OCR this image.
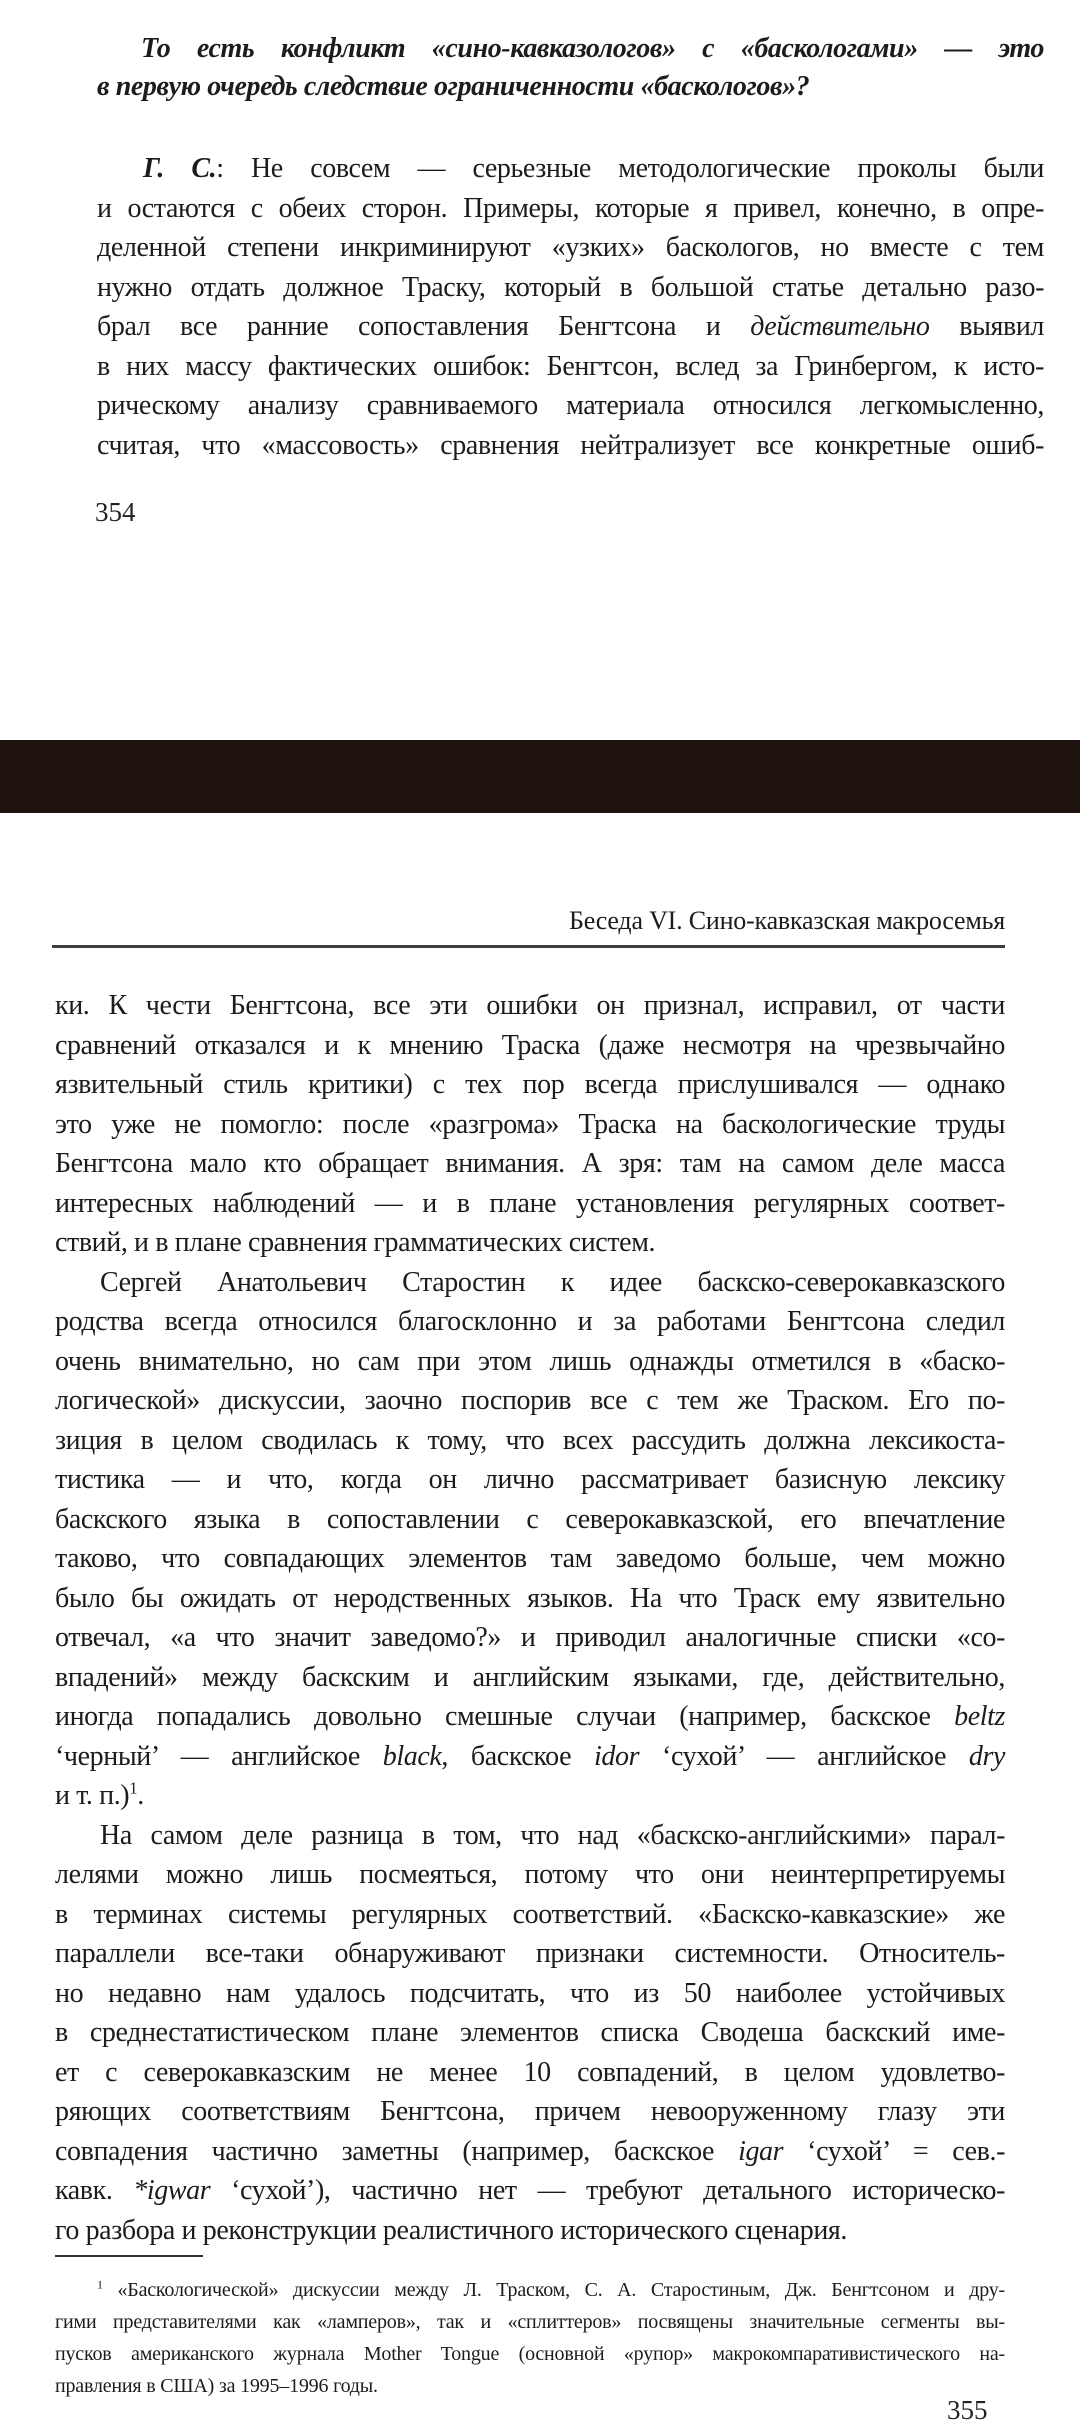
То есть конфликт «сино-кавказологов» с «баскологами» — это
в первую очередь следствие ограниченности «баскологов»?
Г. С.: Не совсем — серьезные методологические проколы были
и остаются с обеих сторон. Примеры, которые я привел, конечно, в опре-
деленной степени инкриминируют «узких» баскологов, но вместе с тем
нужно отдать должное Траску, который в большой статье детально разо-
брал все ранние сопоставления Бенгтсона и действительно выявил
в них массу фактических ошибок: Бенгтсон, вслед за Гринбергом, к исто-
рическому анализу сравниваемого материала относился легкомысленно,
считая, что «массовость» сравнения нейтрализует все конкретные ошиб-
354
Беседа VI. Сино-кавказская макросемья
ки. К чести Бенгтсона, все эти ошибки он признал, исправил, от части
сравнений отказался и к мнению Траска (даже несмотря на чрезвычайно
язвительный стиль критики) с тех пор всегда прислушивался — однако
это уже не помогло: после «разгрома» Траска на баскологические труды
Бенгтсона мало кто обращает внимания. А зря: там на самом деле масса
интересных наблюдений — и в плане установления регулярных соответ-
ствий, и в плане сравнения грамматических систем.
Сергей Анатольевич Старостин к идее баскско-северокавказского
родства всегда относился благосклонно и за работами Бенгтсона следил
очень внимательно, но сам при этом лишь однажды отметился в «баско-
логической» дискуссии, заочно поспорив все с тем же Траском. Его по-
зиция в целом сводилась к тому, что всех рассудить должна лексикоста-
тистика — и что, когда он лично рассматривает базисную лексику
баскского языка в сопоставлении с северокавказской, его впечатление
таково, что совпадающих элементов там заведомо больше, чем можно
было бы ожидать от неродственных языков. На что Траск ему язвительно
отвечал, «а что значит заведомо?» и приводил аналогичные списки «со-
впадений» между баскским и английским языками, где, действительно,
иногда попадались довольно смешные случаи (например, баскское beltz
‘черный’ — английское black, баскское idor ‘сухой’ — английское dry
и т. п.)$^1$.
На самом деле разница в том, что над «баскско-английскими» парал-
лелями можно лишь посмеяться, потому что они неинтерпретируемы
в терминах системы регулярных соответствий. «Баскско-кавказские» же
параллели все-таки обнаруживают признаки системности. Относитель-
но недавно нам удалось подсчитать, что из 50 наиболее устойчивых
в среднестатистическом плане элементов списка Сводеша баскский име-
ет с северокавказским не менее 10 совпадений, в целом удовлетво-
ряющих соответствиям Бенгтсона, причем невооруженному глазу эти
совпадения частично заметны (например, баскское igar ‘сухой’ = сев.-
кавк. *igwar ‘сухой’), частично нет — требуют детального историческо-
го разбора и реконструкции реалистичного исторического сценария.
$^1$ «Баскологической» дискуссии между Л. Траском, С. А. Старостиным, Дж. Бенгтсоном и дру-
гими представителями как «ламперов», так и «сплиттеров» посвящены значительные сегменты вы-
пусков американского журнала Mother Tongue (основной «рупор» макрокомпаративистического на-
правления в США) за 1995–1996 годы.
355
